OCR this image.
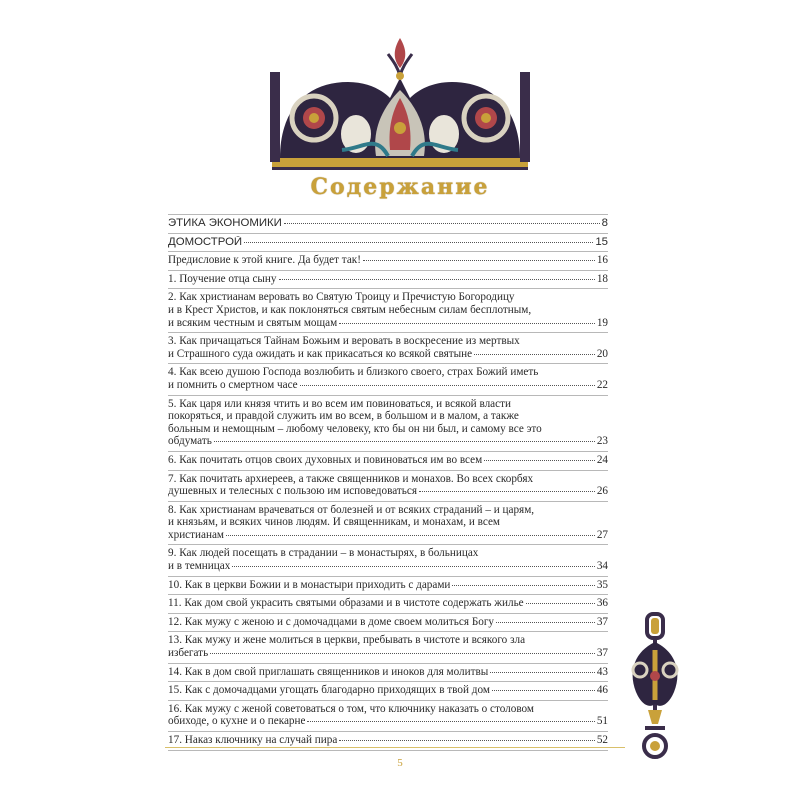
Содержание
ЭТИКА ЭКОНОМИКИ	8
ДОМОСТРОЙ	15
Предисловие к этой книге. Да будет так!	16
1. Поучение отца сыну	18
2. Как христианам веровать во Святую Троицу и Пречистую Богородицу
и в Крест Христов, и как поклоняться святым небесным силам бесплотным,
и всяким честным и святым мощам	19
3. Как причащаться Тайнам Божьим и веровать в воскресение из мертвых
и Страшного суда ожидать и как прикасаться ко всякой святыне	20
4. Как всею душою Господа возлюбить и близкого своего, страх Божий иметь
и помнить о смертном часе	22
5. Как царя или князя чтить и во всем им повиноваться, и всякой власти
покоряться, и правдой служить им во всем, в большом и в малом, а также
больным и немощным – любому человеку, кто бы он ни был, и самому все это
обдумать	23
6. Как почитать отцов своих духовных и повиноваться им во всем	24
7. Как почитать архиереев, а также священников и монахов. Во всех скорбях
душевных и телесных с пользою им исповедоваться	26
8. Как христианам врачеваться от болезней и от всяких страданий – и царям,
и князьям, и всяких чинов людям. И священникам, и монахам, и всем
христианам	27
9. Как людей посещать в страдании – в монастырях, в больницах
и в темницах	34
10. Как в церкви Божии и в монастыри приходить с дарами	35
11. Как дом свой украсить святыми образами и в чистоте содержать жилье	36
12. Как мужу с женою и с домочадцами в доме своем молиться Богу	37
13. Как мужу и жене молиться в церкви, пребывать в чистоте и всякого зла
избегать	37
14. Как в дом свой приглашать священников и иноков для молитвы	43
15. Как с домочадцами угощать благодарно приходящих в твой дом	46
16. Как мужу с женой советоваться о том, что ключнику наказать о столовом
обиходе, о кухне и о пекарне	51
17. Наказ ключнику на случай пира	52
5
